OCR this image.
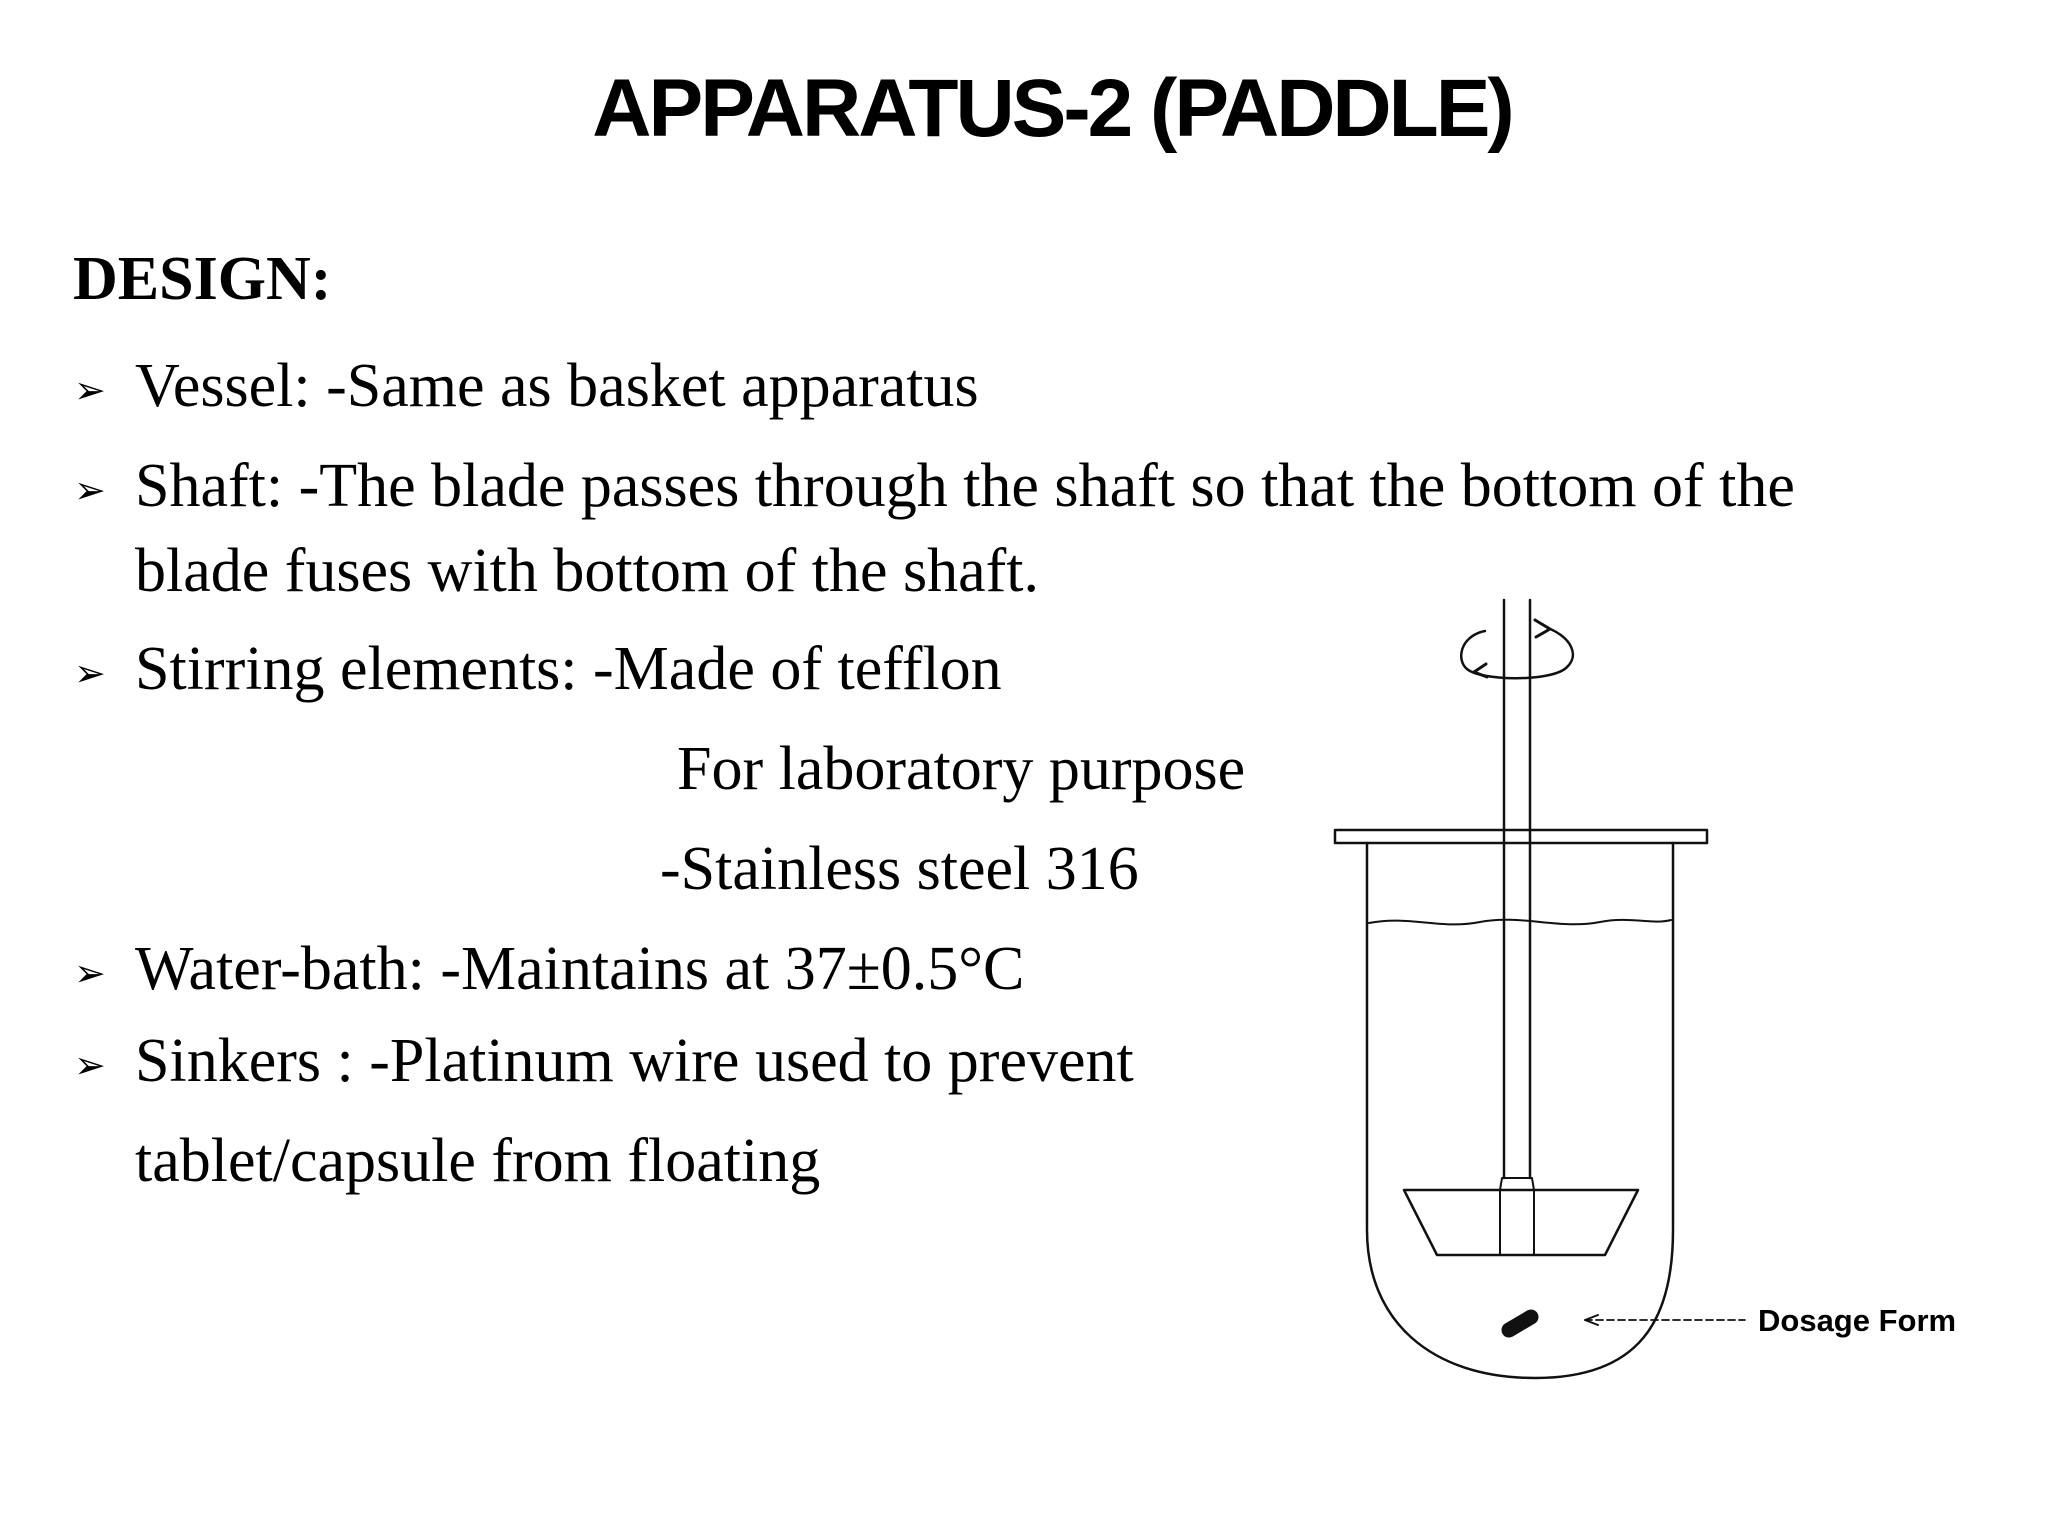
APPARATUS-2 (PADDLE)
DESIGN:
➢ Vessel: -Same as basket apparatus
➢ Shaft: -The blade passes through the shaft so that the bottom of the
blade fuses with bottom of the shaft.
➢ Stirring elements: -Made of tefflon
For laboratory purpose
-Stainless steel 316
➢ Water-bath: -Maintains at 37±0.5°C
➢ Sinkers : -Platinum wire used to prevent
tablet/capsule from floating
Dosage Form
